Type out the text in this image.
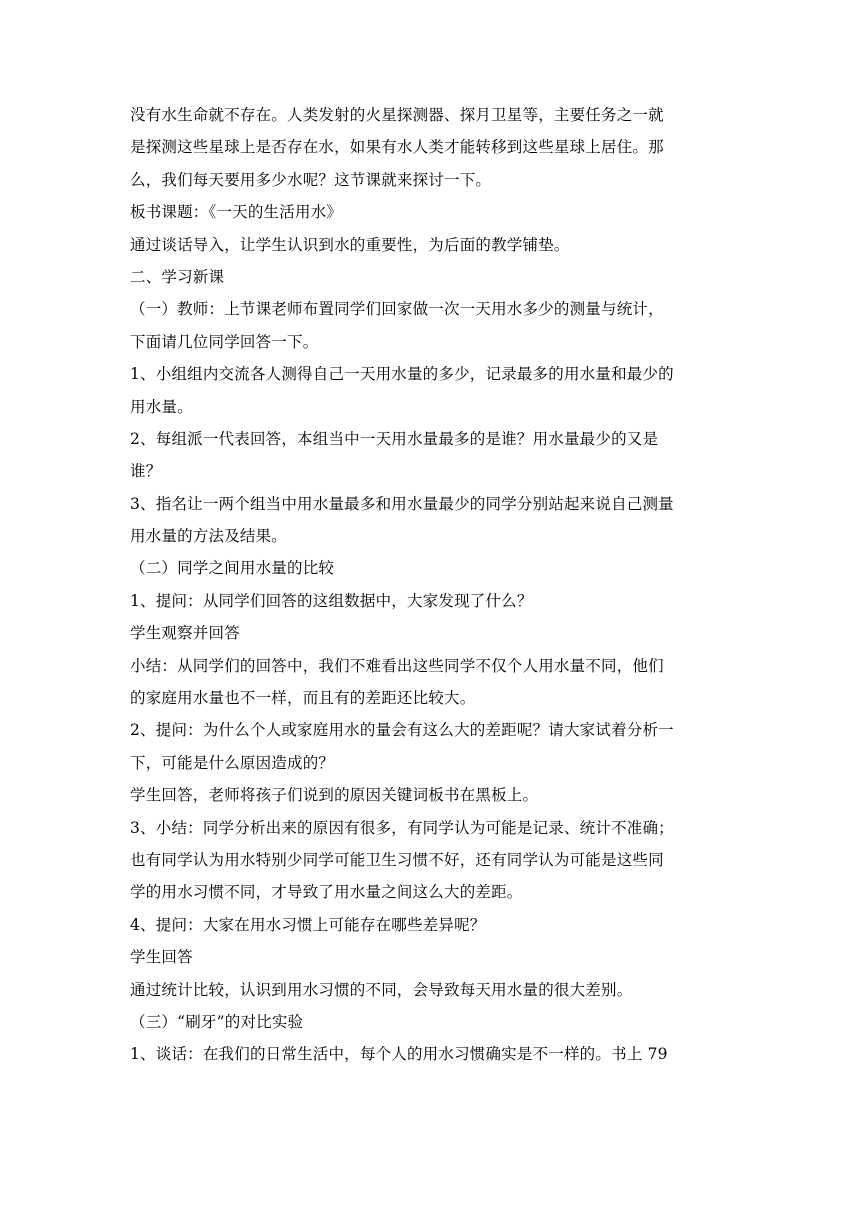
没有水生命就不存在。人类发射的火星探测器、探月卫星等，主要任务之一就
是探测这些星球上是否存在水，如果有水人类才能转移到这些星球上居住。那
么，我们每天要用多少水呢？这节课就来探讨一下。
板书课题：《一天的生活用水》
通过谈话导入，让学生认识到水的重要性，为后面的教学铺垫。
二、学习新课
（一）教师：上节课老师布置同学们回家做一次一天用水多少的测量与统计，
下面请几位同学回答一下。
1、小组组内交流各人测得自己一天用水量的多少，记录最多的用水量和最少的
用水量。
2、每组派一代表回答，本组当中一天用水量最多的是谁？用水量最少的又是
谁？
3、指名让一两个组当中用水量最多和用水量最少的同学分别站起来说自己测量
用水量的方法及结果。
（二）同学之间用水量的比较
1、提问：从同学们回答的这组数据中，大家发现了什么？
学生观察并回答
小结：从同学们的回答中，我们不难看出这些同学不仅个人用水量不同，他们
的家庭用水量也不一样，而且有的差距还比较大。
2、提问：为什么个人或家庭用水的量会有这么大的差距呢？请大家试着分析一
下，可能是什么原因造成的？
学生回答，老师将孩子们说到的原因关键词板书在黑板上。
3、小结：同学分析出来的原因有很多，有同学认为可能是记录、统计不准确；
也有同学认为用水特别少同学可能卫生习惯不好，还有同学认为可能是这些同
学的用水习惯不同，才导致了用水量之间这么大的差距。
4、提问：大家在用水习惯上可能存在哪些差异呢？
学生回答
通过统计比较，认识到用水习惯的不同，会导致每天用水量的很大差别。
（三）“刷牙”的对比实验
1、谈话：在我们的日常生活中，每个人的用水习惯确实是不一样的。书上 79
